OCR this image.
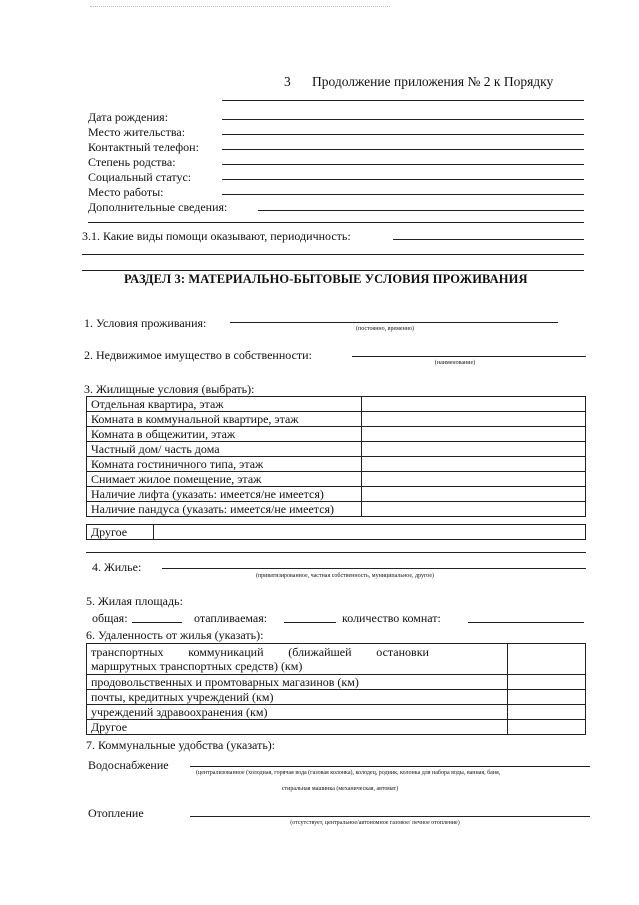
3 Продолжение приложения № 2 к Порядку
Дата рождения:
Место жительства:
Контактный телефон:
Степень родства:
Социальный статус:
Место работы:
Дополнительные сведения:
3.1. Какие виды помощи оказывают, периодичность:
РАЗДЕЛ 3: МАТЕРИАЛЬНО-БЫТОВЫЕ УСЛОВИЯ ПРОЖИВАНИЯ
1. Условия проживания:	(постоянно, временно)
2. Недвижимое имущество в собственности:
(наименование)
3. Жилищные условия (выбрать):
Отдельная квартира, этаж	
Комната в коммунальной квартире, этаж	
Комната в общежитии, этаж	
Частный дом/ часть дома	
Комната гостиничного типа, этаж	
Снимает жилое помещение, этаж	
Наличие лифта (указать: имеется/не имеется)	
Наличие пандуса (указать: имеется/не имеется)	
Другое	
4. Жилье:
(приватизированное, частная собственность, муниципальное, другое)
5. Жилая площадь:
общая:	отапливаемая:	количество комнат:
6. Удаленность от жилья (указать):
транспортных коммуникаций (ближайшей остановки
маршрутных транспортных средств) (км)	

продовольственных и промтоварных магазинов (км)	
почты, кредитных учреждений (км)	
учреждений здравоохранения (км)	
Другое	
7. Коммунальные удобства (указать):
Водоснабжение
(централизованное (холодная, горячая вода (газовая колонка), колодец, родник, колонка для набора воды, ванная, баня,
стиральная машинка (механическая, автомат)
Отопление
(отсутствует, центральное/автономное газовое/ печное отопление)
